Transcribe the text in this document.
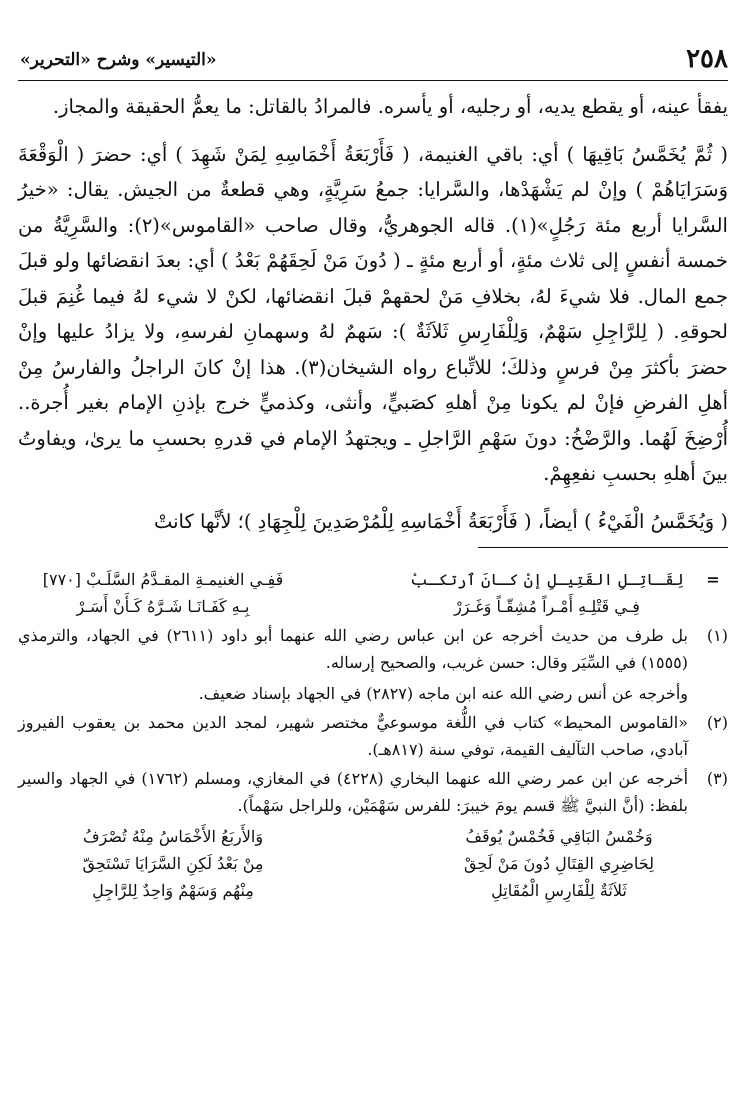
٢٥٨
«التيسير» وشرح «التحرير»

يفقأ عينه، أو يقطع يديه، أو رجليه، أو يأسره. فالمرادُ بالقاتل: ما يعمُّ الحقيقة والمجاز.

( ثُمَّ يُخَمَّسُ بَاقِيهَا ) أي: باقي الغنيمة، ( فَأَرْبَعَةُ أَخْمَاسِهِ لِمَنْ شَهِدَ ) أي: حضرَ ( الْوَقْعَةَ وَسَرَايَاهُمْ ) وإنْ لم يَشْهَدْها، والسَّرايا: جمعُ سَرِيَّةٍ، وهي قطعةٌ من الجيش. يقال: «خيرُ السَّرايا أربع مئة رَجُلٍ»(١). قاله الجوهريُّ، وقال صاحب «القاموس»(٢): والسَّرِيَّةُ من خمسة أنفسٍ إلى ثلاث مئةٍ، أو أربع مئةٍ ـ ( دُونَ مَنْ لَحِقَهُمْ بَعْدُ ) أي: بعدَ انقضائها ولو قبلَ جمع المال. فلا شيءَ لهُ، بخلافِ مَنْ لحقهمْ قبلَ انقضائها، لكنْ لا شيء لهُ فيما غُنِمَ قبلَ لحوقهِ. ( لِلرَّاجِلِ سَهْمٌ، وَلِلْفَارِسِ ثَلاَثَةٌ ): سَهمٌ لهُ وسهمانِ لفرسهِ، ولا يزادُ عليها وإنْ حضرَ بأكثرَ مِنْ فرسٍ وذلكَ؛ للاتِّباع رواه الشيخان(٣). هذا إنْ كانَ الراجلُ والفارسُ مِنْ أهلِ الفرضِ فإنْ لم يكونا مِنْ أهلهِ كصَبيٍّ، وأنثى، وكذميٍّ خرج بإذنِ الإمام بغير أُجرة.. أُرْضِخَ لَهُما. والرَّضْخُ: دونَ سَهْمِ الرَّاجلِ ـ ويجتهدُ الإمام في قدرهِ بحسبِ ما يرىٰ، ويفاوتُ بينَ أهلهِ بحسبِ نفعِهِمْ.

( وَيُخَمَّسُ الْفَيْءُ ) أيضاً، ( فَأَرْبَعَةُ أَخْمَاسِهِ لِلْمُرْصَدِينَ لِلْجِهَادِ )؛ لأنَّها كانتْ

=
لِقَـاتِـلِ القَتِيـلِ إنْ كـانَ ٱرتكـبْ
فَفِـي الغنيمـةِ المقـدَّمُ السَّلَـبْ [٧٧٠]
فِـي قَتْلِـهِ أَمْـراً مُشِقّـاً وَغَـرَرْ
بِـهِ كَفَـانَـا شَـرَّهُ كَـأَنْ أَسَـرْ
(١)

بل طرف من حديث أخرجه عن ابن عباس رضي الله عنهما أبو داود (٢٦١١) في الجهاد، والترمذي (١٥٥٥) في السِّيَر وقال: حسن غريب، والصحيح إرساله.

وأخرجه عن أنس رضي الله عنه ابن ماجه (٢٨٢٧) في الجهاد بإسناد ضعيف.

(٢)

«القاموس المحيط» كتاب في اللُّغة موسوعيٌّ مختصر شهير، لمجد الدين محمد بن يعقوب الفيروز آبادي، صاحب التآليف القيمة، توفي سنة (٨١٧هـ).

(٣)

أخرجه عن ابن عمر رضي الله عنهما البخاري (٤٢٢٨) في المغازي، ومسلم (١٧٦٢) في الجهاد والسير بلفظ: (أنَّ النبيَّ ﷺ قسم يومَ خيبرَ: للفرس سَهْمَيْن، وللراجل سَهْماً).

وَخُمْسُ البَاقِي فَخُمْسٌ يُوقَفُ
وَالأَربَعُ الأَخْمَاسُ مِنْهُ تُصْرَفُ
لِحَاضِرِي القِتَالِ دُونَ مَنْ لَحِقْ
مِنْ بَعْدُ لَكِنِ السَّرَايَا تَسْتَحِقّ
ثَلاَثَةٌ لِلْفَارِسِ الْمُقَاتِلِ
مِنْهُم وَسَهْمٌ وَاحِدٌ لِلرَّاجِلِ
